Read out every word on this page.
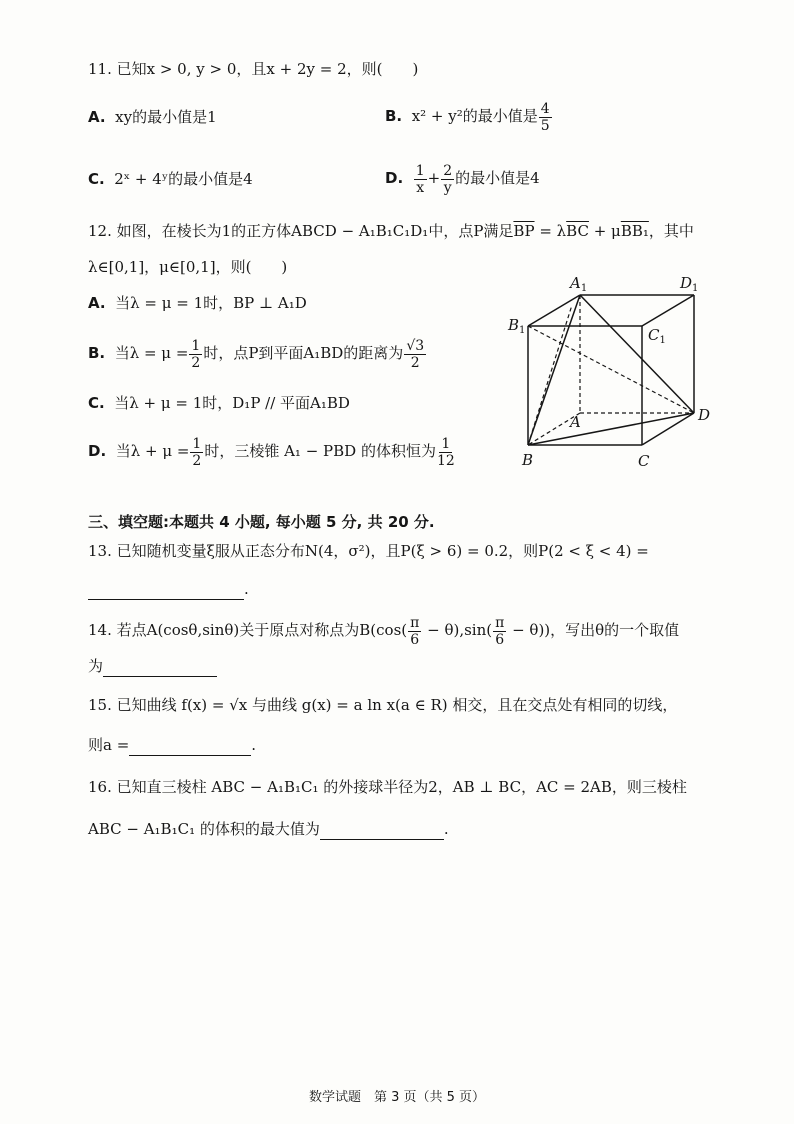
11. 已知x > 0, y > 0，且x + 2y = 2，则(　　)
A. xy的最小值是1	B. x² + y²的最小值是 $\frac{4}{5}$
C. 2ˣ + 4ʸ的最小值是4	D. $\frac{1}{x} + \frac{2}{y}$ 的最小值是4
12. 如图，在棱长为1的正方体ABCD − A₁B₁C₁D₁中，点P满足$\overline{BP} = \lambda\overline{BC} + \mu BB_1$，其中
λ∈[0,1]，μ∈[0,1]，则(　　)
A. 当λ = μ = 1时，BP ⊥ A₁D
B. 当$\lambda = \mu = \frac{1}{2}$ 时，点P到平面A₁BD的距离为 $\frac{√3}{2}$
C. 当λ + μ = 1时，D₁P // 平面A₁BD
D. 当$\lambda + \mu = \frac{1}{2}$ 时，三棱锥 A₁ − PBD 的体积恒为 $\frac{1}{12}$
$A_1$	$D_1$
$B_1$	$C_1$
A	D
B	C
三、填空题:本题共 4 小题, 每小题 5 分, 共 20 分.
13. 已知随机变量ξ服从正态分布N(4，σ²)，且P(ξ > 6) = 0.2，则P(2 < ξ < 4) =
.
14. 若点A(cosθ,sinθ)关于原点对称点为$B(\cos( \frac{\pi}{6} - \theta),\sin( \frac{\pi}{6} - \theta))$，写出θ的一个取值
为
15. 已知曲线 f(x) = √x 与曲线 g(x) = a ln x(a ∈ R) 相交，且在交点处有相同的切线，
则a =	.
16. 已知直三棱柱 ABC − A₁B₁C₁ 的外接球半径为2，AB ⊥ BC，AC = 2AB，则三棱柱
ABC − A₁B₁C₁ 的体积的最大值为	.
数学试题　第 3 页（共 5 页）
